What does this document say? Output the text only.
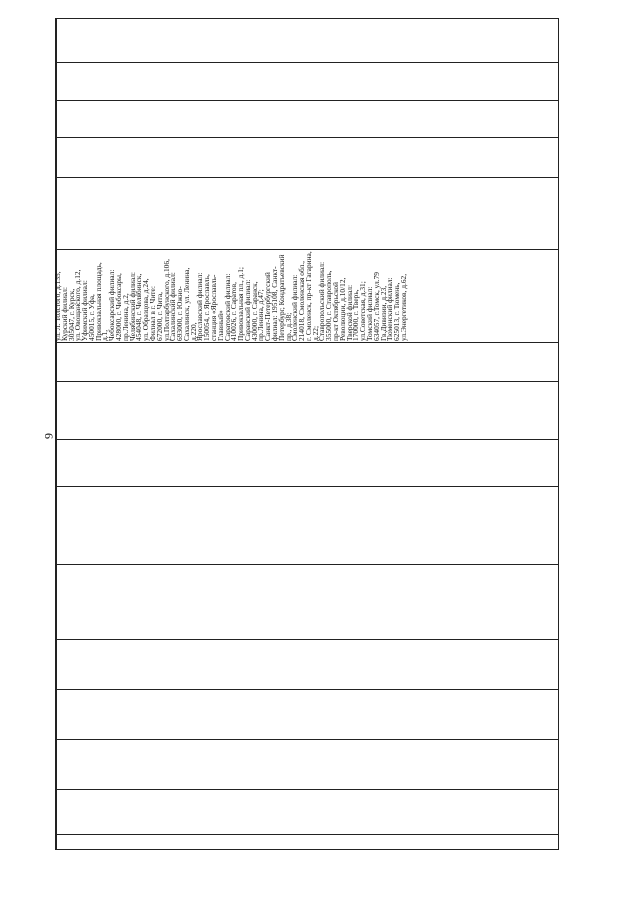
9
ул. Л. Толстого, д.135,
Курский филиал:
305047, г. Курск,
ул. Овощанского, д.12,
Уфимский филиал:
450015, г. Уфа,
Привокзальная площадь,
д.1,
Чебоксарский филиал:
428000, г. Чебоксары,
пр.Ленина, д.2,
Челябинский филиал:
454048, г. Челябинск,
ул. Образцова, д.24,
Филиал в г. Чите:
672000, г. Чита,
ул.Полтарбунского, д.106,
Сахалинский филиал:
693000, г. Южно-
Сахалинск, ул. Ленина,
д.220,
Ярославский филиал:
150054, г. Ярославль,
станция «Ярославль-
Главный»
Саратовский филиал:
410026, г. Саратов,
Привокзальная пл., д.1;
Саранский филиал:
430000, г. Саранск,
пр.Ленина, д.47;
Санкт-Петербургский
филиал: 195108, Санкт-
Петербург, Кондратьевский
пр., д.38;
Смоленский филиал:
214018, Смоленская обл.,
г. Смоленск, пр-кт Гагарина,
д.22;
Ставропольский филиал:
355000, г. Ставрополь,
пр-кт Октябрьской
Революции, д.10/12,
Тверской филиал:
170000, г. Тверь,
ул.Советская, д.31;
Томский филиал:
634057, г.Томск, ул.79
Гв.Дивизии, д.23,
Тюменский филиал:
625013, г. Тюмень,
ул.Энергетиков, д.62,
